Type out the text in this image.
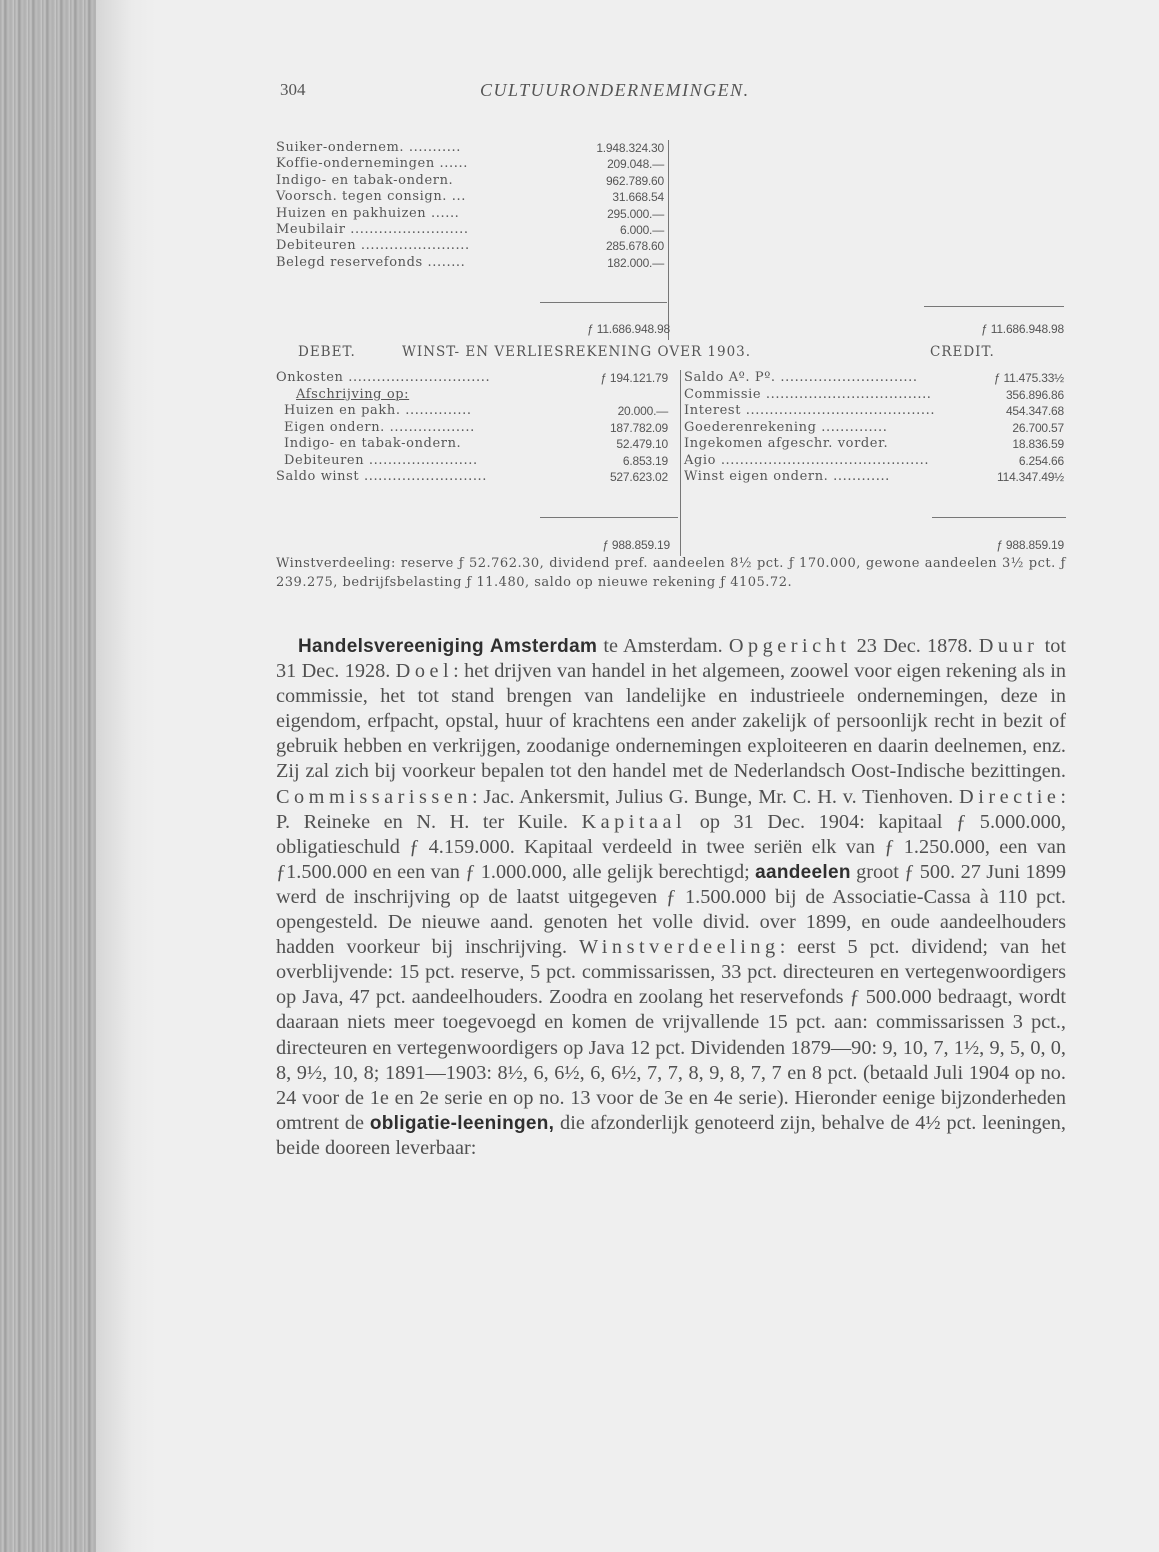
304	CULTUURONDERNEMINGEN.
Suiker-ondernem. ...........	1.948.324.30
Koffie-ondernemingen ......	209.048.—
Indigo- en tabak-ondern.	962.789.60
Voorsch. tegen consign. ...	31.668.54
Huizen en pakhuizen ......	295.000.—
Meubilair .........................	6.000.—
Debiteuren .......................	285.678.60
Belegd reservefonds ........	182.000.—
ƒ 11.686.948.98	ƒ 11.686.948.98
DEBET.	WINST- EN VERLIESREKENING OVER 1903.	CREDIT.
Onkosten ..............................	ƒ 194.121.79
Afschrijving op:
Huizen en pakh. ..............	20.000.—
Eigen ondern. ..................	187.782.09
Indigo- en tabak-ondern.	52.479.10
Debiteuren .......................	6.853.19
Saldo winst ..........................	527.623.02
Saldo Aº. Pº. .............................	ƒ 11.475.33½
Commissie ...................................	356.896.86
Interest ........................................	454.347.68
Goederenrekening ..............	26.700.57
Ingekomen afgeschr. vorder.	18.836.59
Agio ............................................	6.254.66
Winst eigen ondern. ............	114.347.49½
ƒ 988.859.19	ƒ 988.859.19

Winstverdeeling: reserve ƒ 52.762.30, dividend pref. aandeelen 8½ pct. ƒ 170.000, gewone aandeelen 3½ pct. ƒ 239.275, bedrijfsbelasting ƒ 11.480, saldo op nieuwe rekening ƒ 4105.72.

Handelsvereeniging Amsterdam te Amsterdam. Opgericht 23 Dec. 1878. Duur tot 31 Dec. 1928. Doel: het drijven van handel in het algemeen, zoowel voor eigen rekening als in commissie, het tot stand brengen van landelijke en industrieele ondernemingen, deze in eigendom, erfpacht, opstal, huur of krachtens een ander zakelijk of persoonlijk recht in bezit of gebruik hebben en verkrijgen, zoodanige ondernemingen exploiteeren en daarin deelnemen, enz. Zij zal zich bij voorkeur bepalen tot den handel met de Nederlandsch Oost-Indische bezittingen. Commissarissen: Jac. Ankersmit, Julius G. Bunge, Mr. C. H. v. Tienhoven. Directie: P. Reineke en N. H. ter Kuile. Kapitaal op 31 Dec. 1904: kapitaal ƒ 5.000.000, obligatieschuld ƒ 4.159.000. Kapitaal verdeeld in twee seriën elk van ƒ 1.250.000, een van ƒ1.500.000 en een van ƒ 1.000.000, alle gelijk berechtigd; aandeelen groot ƒ 500. 27 Juni 1899 werd de inschrijving op de laatst uitgegeven ƒ 1.500.000 bij de Associatie-Cassa à 110 pct. opengesteld. De nieuwe aand. genoten het volle divid. over 1899, en oude aandeelhouders hadden voorkeur bij inschrijving. Winstverdeeling: eerst 5 pct. dividend; van het overblijvende: 15 pct. reserve, 5 pct. commissarissen, 33 pct. directeuren en vertegenwoordigers op Java, 47 pct. aandeelhouders. Zoodra en zoolang het reservefonds ƒ 500.000 bedraagt, wordt daaraan niets meer toegevoegd en komen de vrijvallende 15 pct. aan: commissarissen 3 pct., directeuren en vertegenwoordigers op Java 12 pct. Dividenden 1879—90: 9, 10, 7, 1½, 9, 5, 0, 0, 8, 9½, 10, 8; 1891—1903: 8½, 6, 6½, 6, 6½, 7, 7, 8, 9, 8, 7, 7 en 8 pct. (betaald Juli 1904 op no. 24 voor de 1e en 2e serie en op no. 13 voor de 3e en 4e serie). Hieronder eenige bijzonderheden omtrent de obligatie-leeningen, die afzonderlijk genoteerd zijn, behalve de 4½ pct. leeningen, beide dooreen leverbaar:
